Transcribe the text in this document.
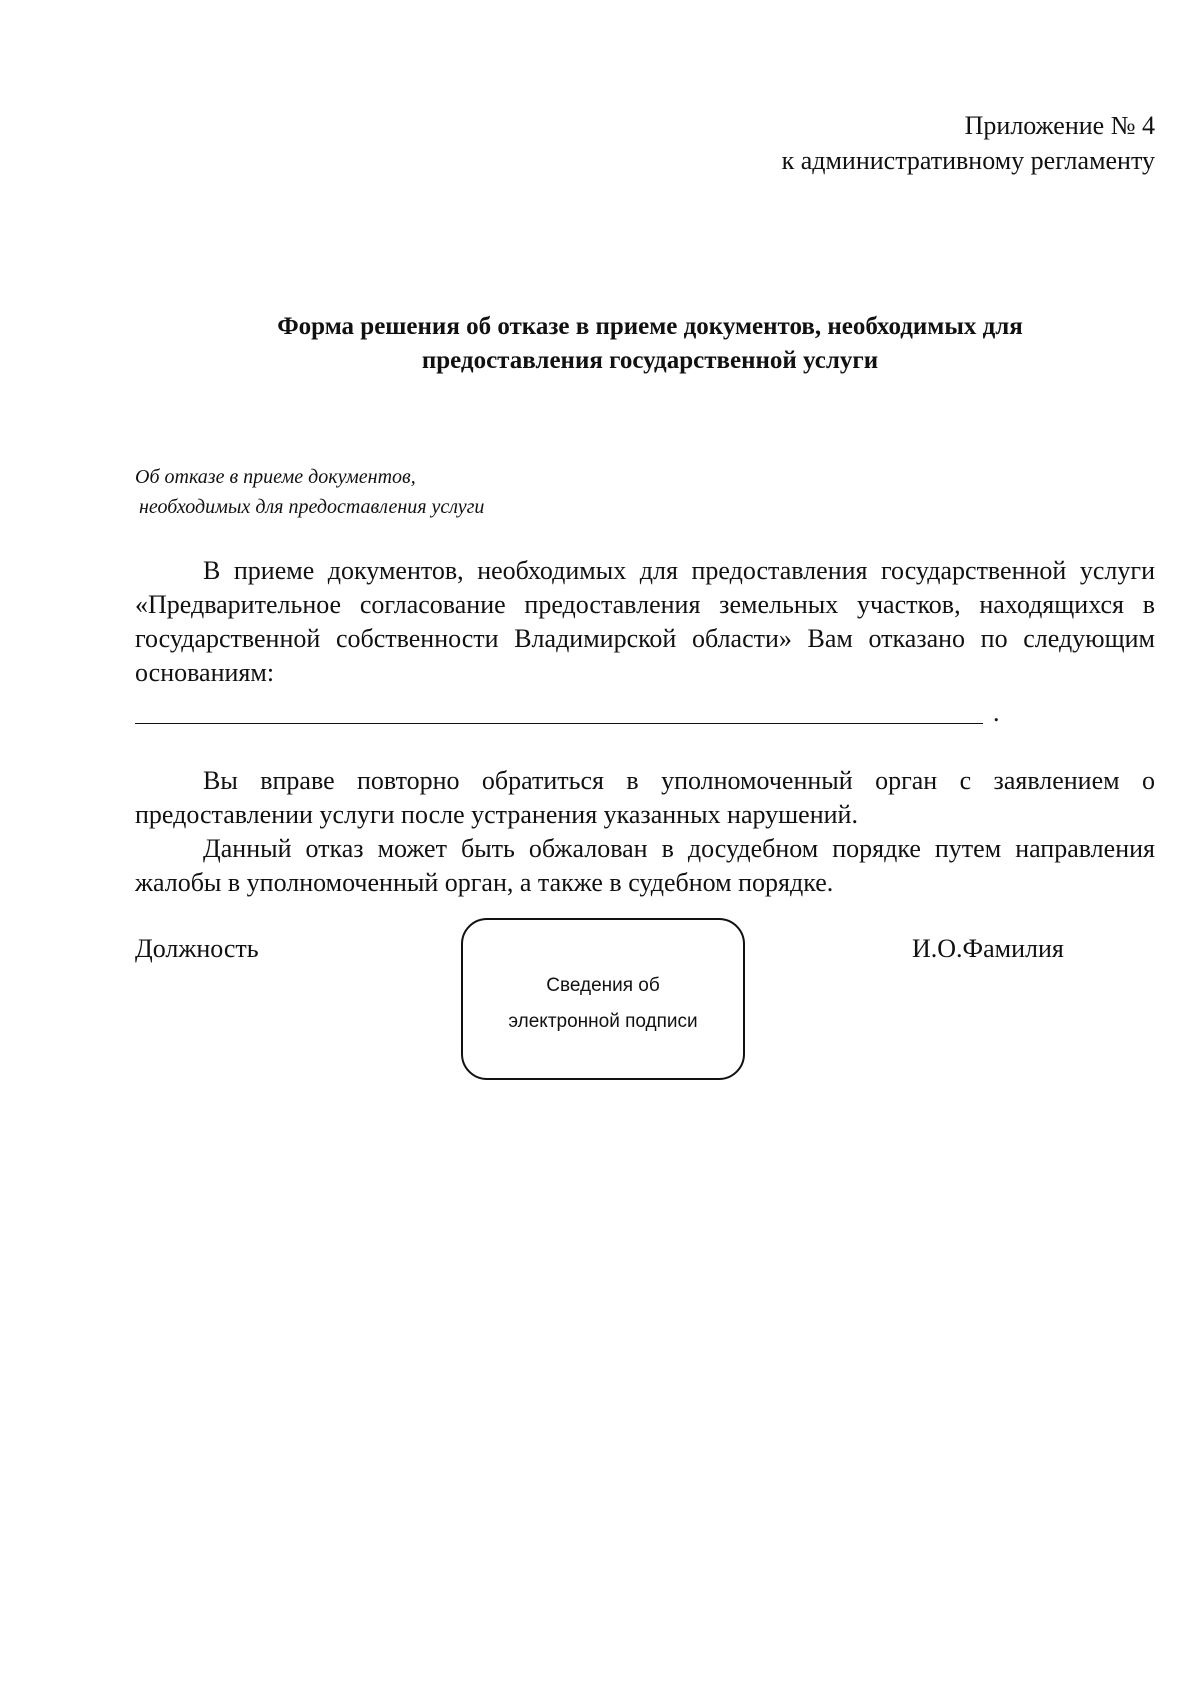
Приложение № 4
к административному регламенту
Форма решения об отказе в приеме документов, необходимых для
предоставления государственной услуги
Об отказе в приеме документов,
необходимых для предоставления услуги
В приеме документов, необходимых для предоставления государственной услуги «Предварительное согласование предоставления земельных участков, находящихся в государственной собственности Владимирской области» Вам отказано по следующим основаниям:
.
Вы вправе повторно обратиться в уполномоченный орган с заявлением о предоставлении услуги после устранения указанных нарушений.
Данный отказ может быть обжалован в досудебном порядке путем направления жалобы в уполномоченный орган, а также в судебном порядке.
Должность
Сведения об
электронной подписи
И.О.Фамилия
